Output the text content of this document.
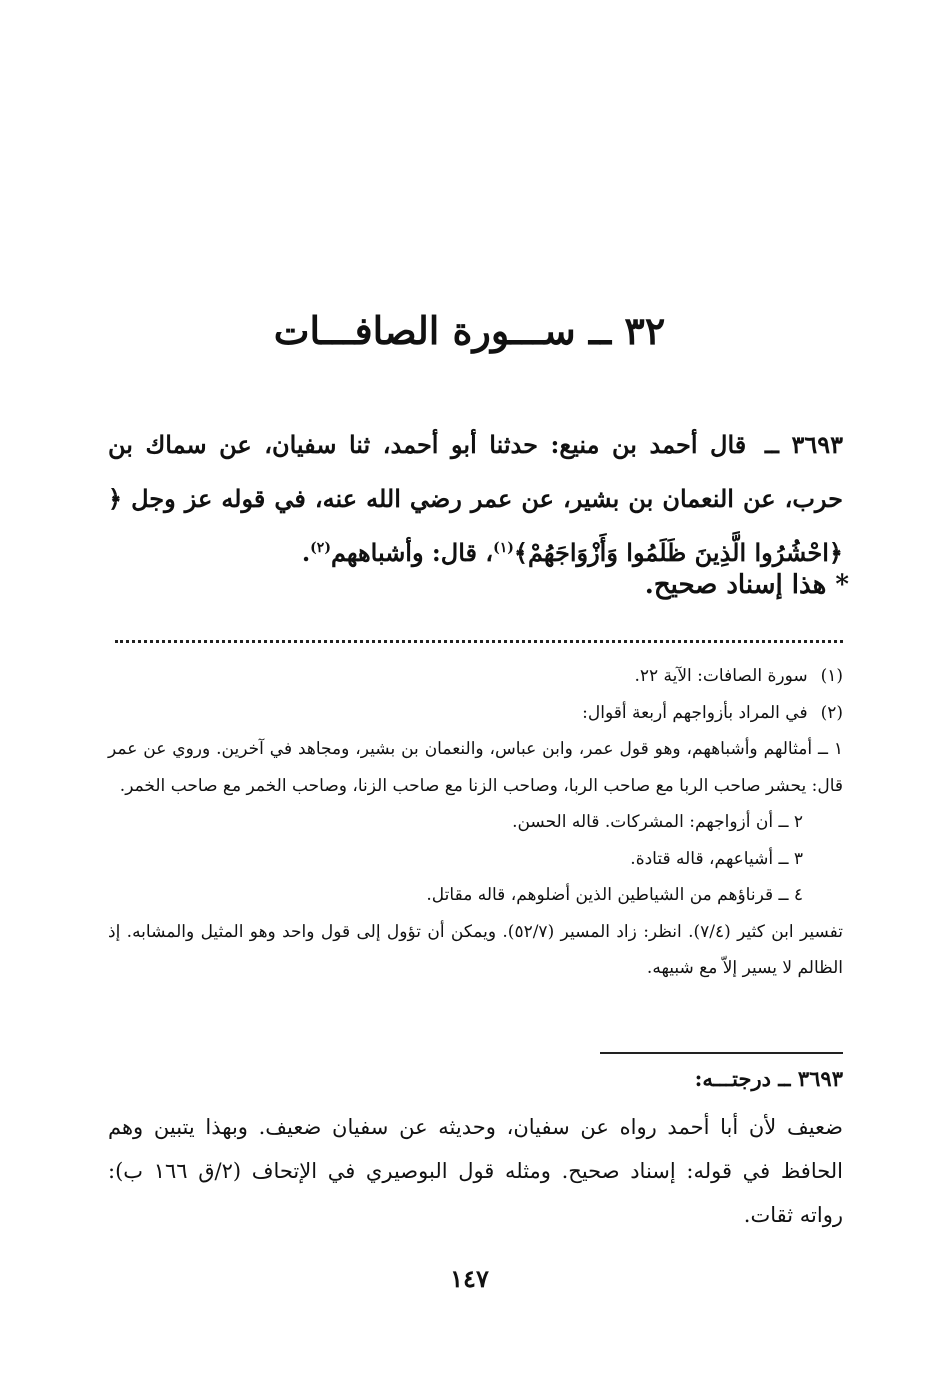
٣٢ ــ ســـورة الصافـــات
٣٦٩٣ ــ قال أحمد بن منيع: حدثنا أبو أحمد، ثنا سفيان، عن سماك بن حرب، عن النعمان بن بشير، عن عمر رضي الله عنه، في قوله عز وجل ﴿ ﴿احْشُرُوا الَّذِينَ ظَلَمُوا وَأَزْوَاجَهُمْ﴾$^{(١)}$، قال: وأشباههم$^{(٢)}$.
* هذا إسناد صحيح.
(١) سورة الصافات: الآية ٢٢.
(٢) في المراد بأزواجهم أربعة أقوال:
١ ــ أمثالهم وأشباههم، وهو قول عمر، وابن عباس، والنعمان بن بشير، ومجاهد في آخرين. وروي عن عمر قال: يحشر صاحب الربا مع صاحب الربا، وصاحب الزنا مع صاحب الزنا، وصاحب الخمر مع صاحب الخمر.
٢ ــ أن أزواجهم: المشركات. قاله الحسن.
٣ ــ أشياعهم، قاله قتادة.
٤ ــ قرناؤهم من الشياطين الذين أضلوهم، قاله مقاتل.
تفسير ابن كثير (٧/٤). انظر: زاد المسير (٥٢/٧). ويمكن أن تؤول إلى قول واحد وهو المثيل والمشابه. إذ الظالم لا يسير إلاّ مع شبيهه.
٣٦٩٣ ــ درجتـــه:
ضعيف لأن أبا أحمد رواه عن سفيان، وحديثه عن سفيان ضعيف. وبهذا يتبين وهم الحافظ في قوله: إسناد صحيح. ومثله قول البوصيري في الإتحاف (٢/ق ١٦٦ ب): رواته ثقات.
١٤٧
